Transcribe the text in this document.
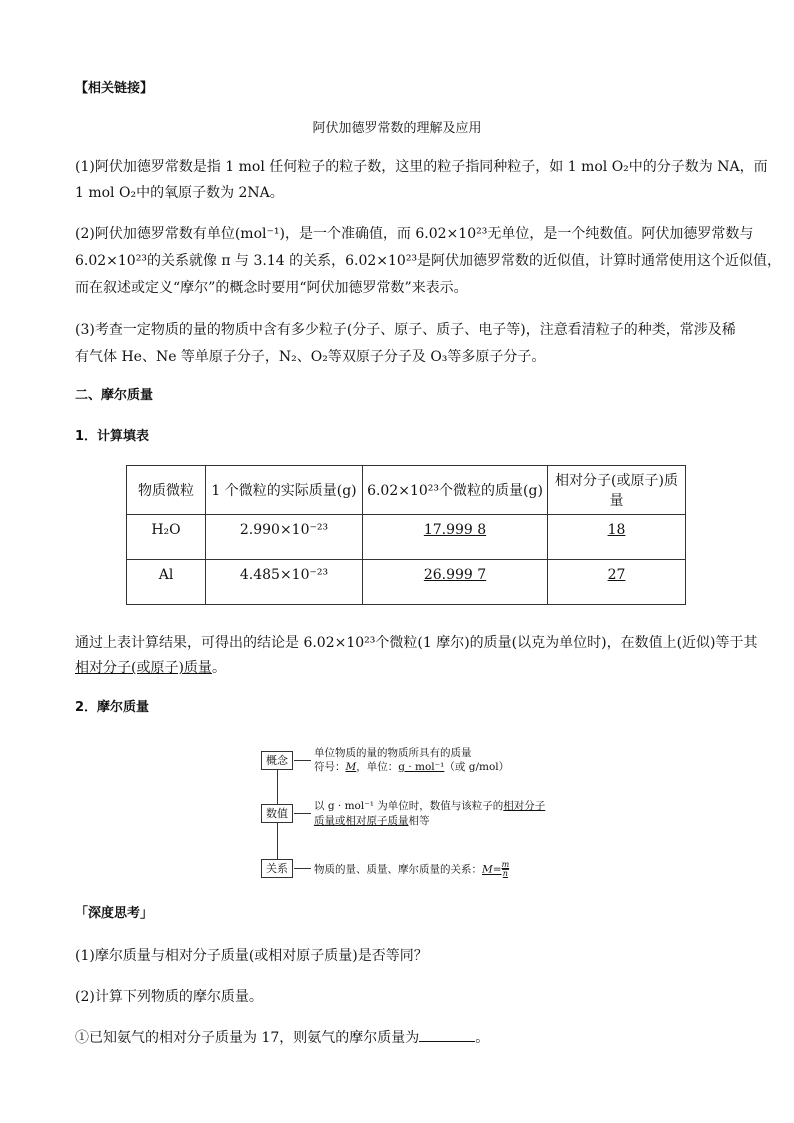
【相关链接】
阿伏加德罗常数的理解及应用
(1)阿伏加德罗常数是指 1 mol 任何粒子的粒子数，这里的粒子指同种粒子，如 1 mol O₂中的分子数为 NA，而
1 mol O₂中的氧原子数为 2NA。
(2)阿伏加德罗常数有单位(mol⁻¹)，是一个准确值，而 6.02×10²³无单位，是一个纯数值。阿伏加德罗常数与
6.02×10²³的关系就像 π 与 3.14 的关系，6.02×10²³是阿伏加德罗常数的近似值，计算时通常使用这个近似值，
而在叙述或定义“摩尔”的概念时要用“阿伏加德罗常数”来表示。
(3)考查一定物质的量的物质中含有多少粒子(分子、原子、质子、电子等)，注意看清粒子的种类，常涉及稀
有气体 He、Ne 等单原子分子，N₂、O₂等双原子分子及 O₃等多原子分子。
二、摩尔质量
1．计算填表
物质微粒	1 个微粒的实际质量(g)	6.02×10²³个微粒的质量(g)	相对分子(或原子)质量
H₂O	2.990×10⁻²³	17.999 8	18
Al	4.485×10⁻²³	26.999 7	27
通过上表计算结果，可得出的结论是 6.02×10²³个微粒(1 摩尔)的质量(以克为单位时)，在数值上(近似)等于其
相对分子(或原子)质量。
2．摩尔质量
概念
数值
关系
单位物质的量的物质所具有的质量
符号：M，单位：g · mol⁻¹（或 g/mol）
以 g · mol⁻¹ 为单位时，数值与该粒子的相对分子
质量或相对原子质量相等
物质的量、质量、摩尔质量的关系：$M= \frac{m}{n}$
「深度思考」
(1)摩尔质量与相对分子质量(或相对原子质量)是否等同？
(2)计算下列物质的摩尔质量。
①已知氨气的相对分子质量为 17，则氨气的摩尔质量为	。
